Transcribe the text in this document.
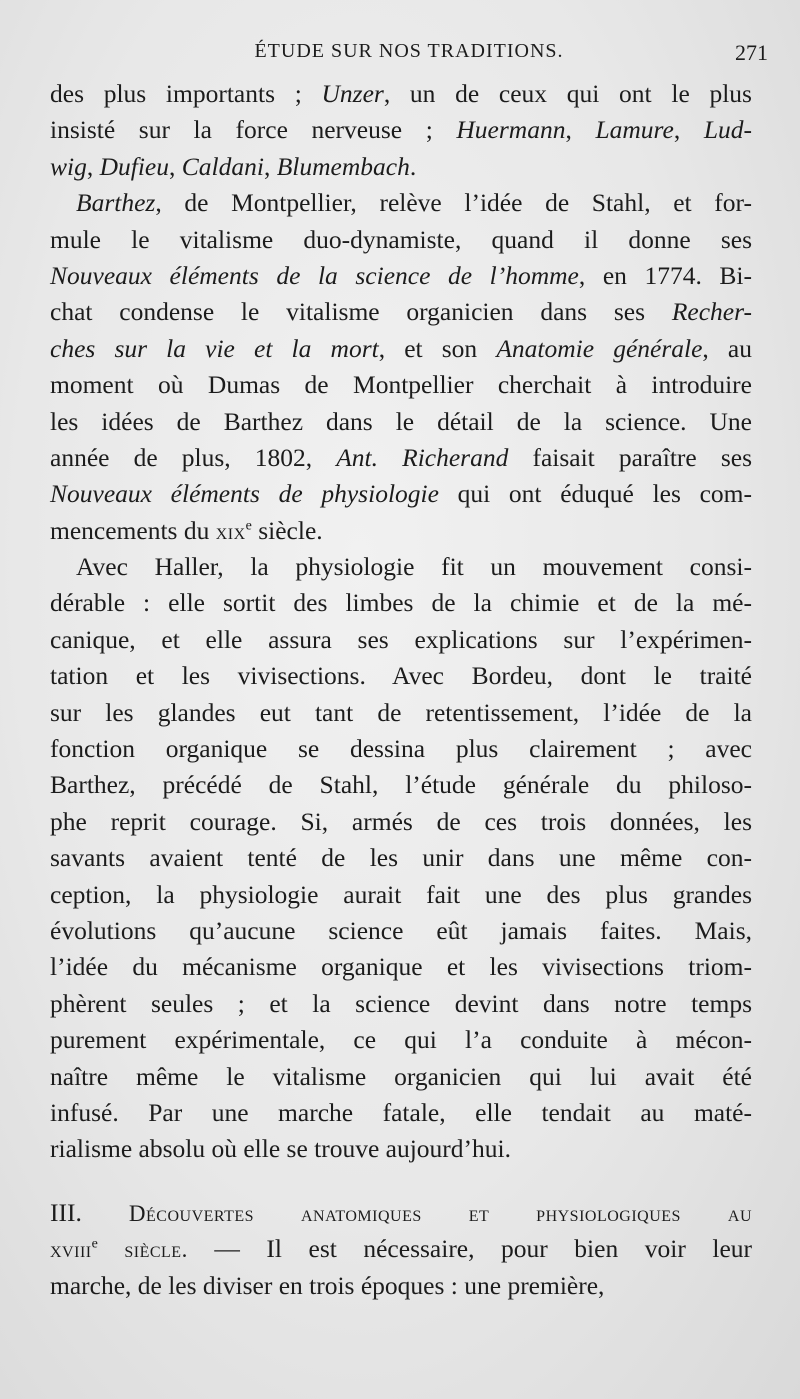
ÉTUDE SUR NOS TRADITIONS.	271
des plus importants ; Unzer, un de ceux qui ont le plus
insisté sur la force nerveuse ; Huermann, Lamure, Lud-
wig, Dufieu, Caldani, Blumembach.
Barthez, de Montpellier, relève l’idée de Stahl, et for-
mule le vitalisme duo-dynamiste, quand il donne ses
Nouveaux éléments de la science de l’homme, en 1774. Bi-
chat condense le vitalisme organicien dans ses Recher-
ches sur la vie et la mort, et son Anatomie générale, au
moment où Dumas de Montpellier cherchait à introduire
les idées de Barthez dans le détail de la science. Une
année de plus, 1802, Ant. Richerand faisait paraître ses
Nouveaux éléments de physiologie qui ont éduqué les com-
mencements du xix$^e$ siècle.
Avec Haller, la physiologie fit un mouvement consi-
dérable : elle sortit des limbes de la chimie et de la mé-
canique, et elle assura ses explications sur l’expérimen-
tation et les vivisections. Avec Bordeu, dont le traité
sur les glandes eut tant de retentissement, l’idée de la
fonction organique se dessina plus clairement ; avec
Barthez, précédé de Stahl, l’étude générale du philoso-
phe reprit courage. Si, armés de ces trois données, les
savants avaient tenté de les unir dans une même con-
ception, la physiologie aurait fait une des plus grandes
évolutions qu’aucune science eût jamais faites. Mais,
l’idée du mécanisme organique et les vivisections triom-
phèrent seules ; et la science devint dans notre temps
purement expérimentale, ce qui l’a conduite à mécon-
naître même le vitalisme organicien qui lui avait été
infusé. Par une marche fatale, elle tendait au maté-
rialisme absolu où elle se trouve aujourd’hui.
III. Découvertes anatomiques et physiologiques au
xviii$^e$ siècle. — Il est nécessaire, pour bien voir leur
marche, de les diviser en trois époques : une première,
